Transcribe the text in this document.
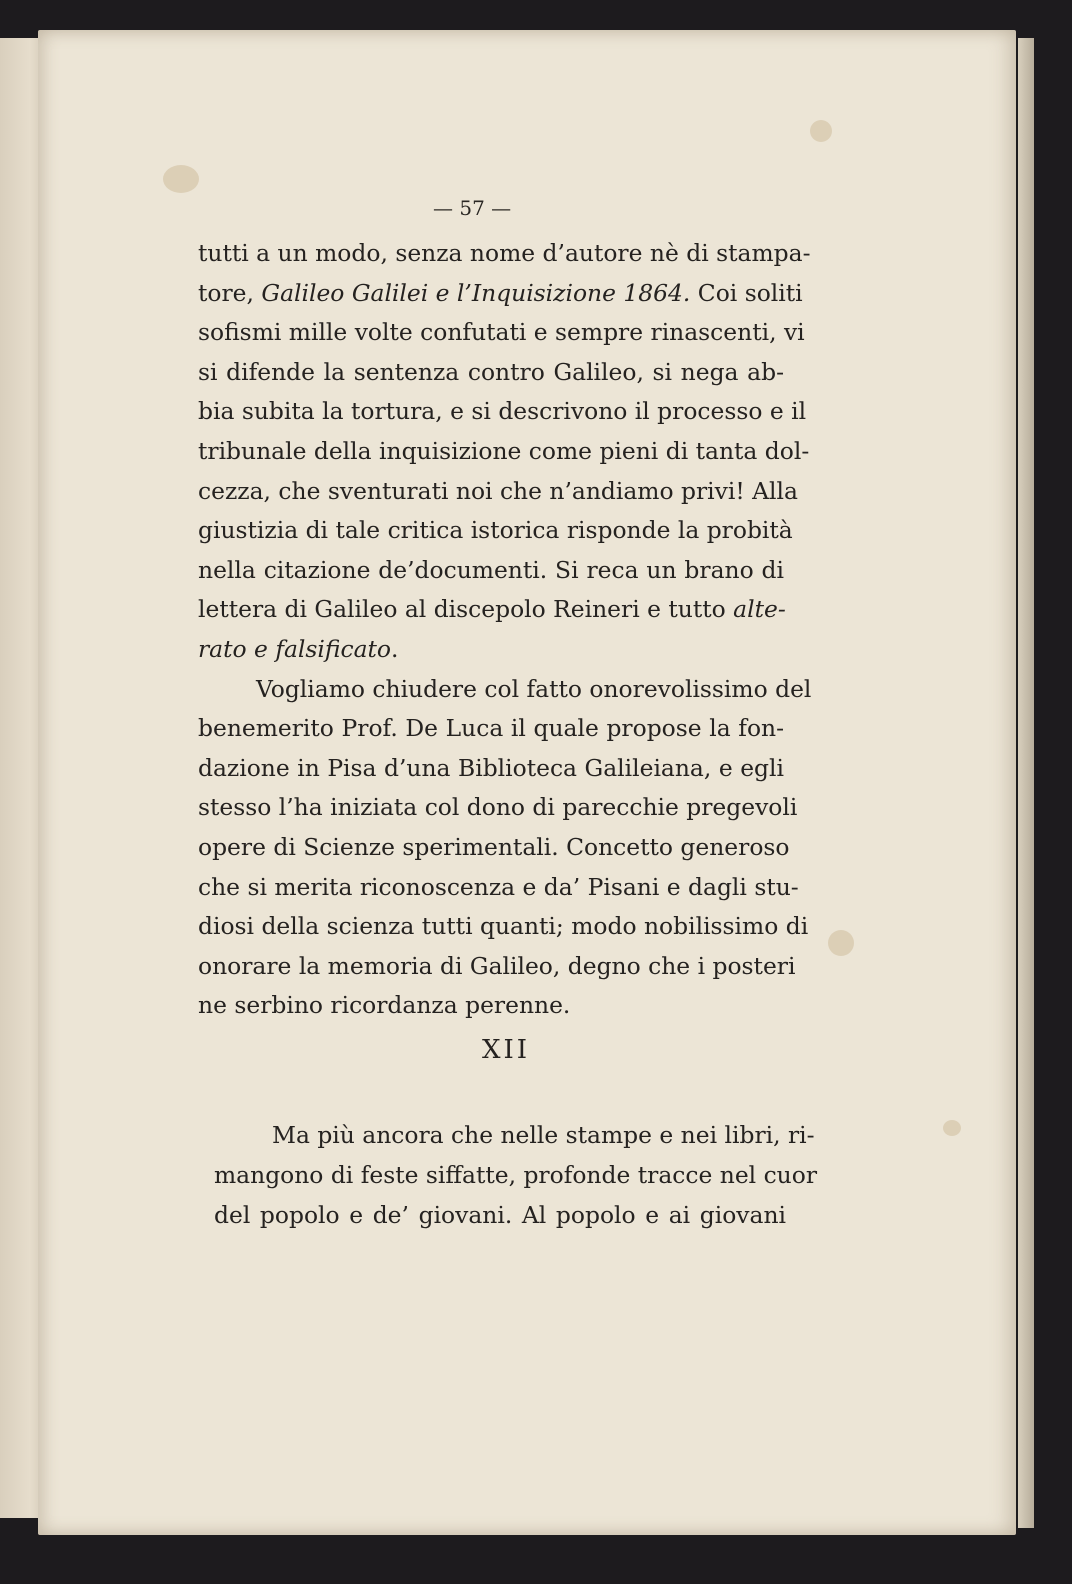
— 57 —
tutti a un modo, senza nome d’autore nè di stampa-
tore, Galileo Galilei e l’Inquisizione 1864. Coi soliti
sofismi mille volte confutati e sempre rinascenti, vi
si difende la sentenza contro Galileo, si nega ab-
bia subita la tortura, e si descrivono il processo e il
tribunale della inquisizione come pieni di tanta dol-
cezza, che sventurati noi che n’andiamo privi! Alla
giustizia di tale critica istorica risponde la probità
nella citazione de’documenti. Si reca un brano di
lettera di Galileo al discepolo Reineri e tutto alte-
rato e falsificato.
Vogliamo chiudere col fatto onorevolissimo del
benemerito Prof. De Luca il quale propose la fon-
dazione in Pisa d’una Biblioteca Galileiana, e egli
stesso l’ha iniziata col dono di parecchie pregevoli
opere di Scienze sperimentali. Concetto generoso
che si merita riconoscenza e da’ Pisani e dagli stu-
diosi della scienza tutti quanti; modo nobilissimo di
onorare la memoria di Galileo, degno che i posteri
ne serbino ricordanza perenne.
XII
Ma più ancora che nelle stampe e nei libri, ri-
mangono di feste siffatte, profonde tracce nel cuor
del popolo e de’ giovani. Al popolo e ai giovani
